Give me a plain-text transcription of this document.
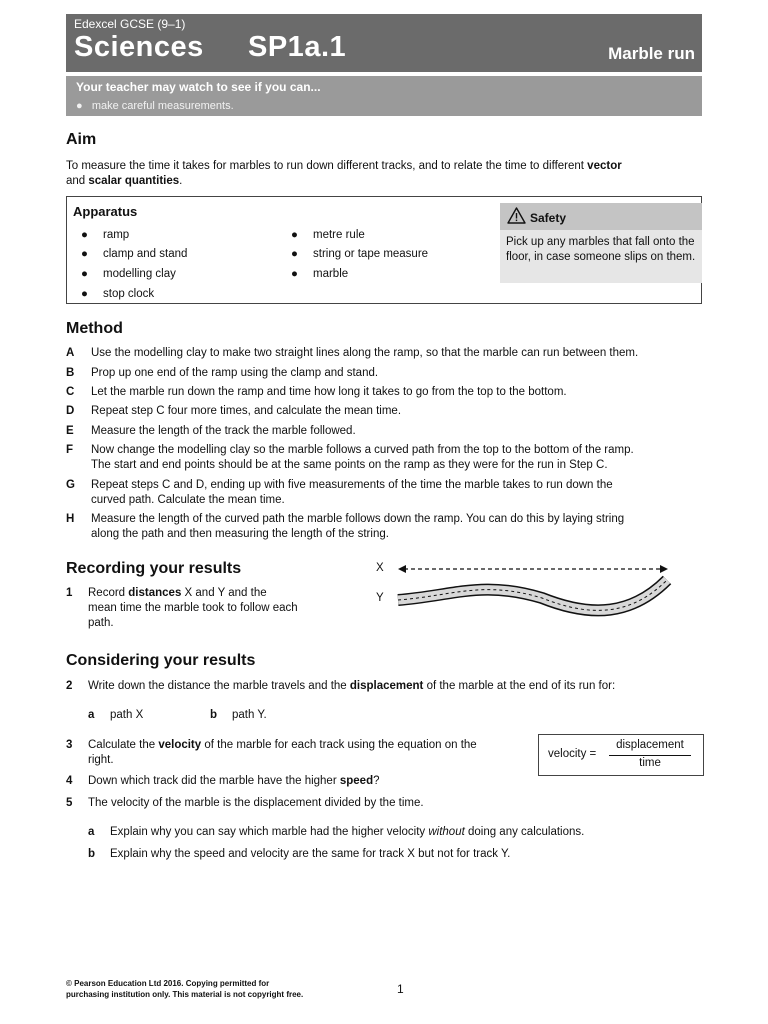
Edexcel GCSE (9–1)
Sciences SP1a.1	Marble run
Your teacher may watch to see if you can...
●   make careful measurements.
Aim
To measure the time it takes for marbles to run down different tracks, and to relate the time to different vector
and scalar quantities.
Apparatus
● ramp
● clamp and stand
● modelling clay
● stop clock
● metre rule
● string or tape measure
● marble
Safety
Pick up any marbles that fall onto the floor, in case someone slips on them.
Method
A Use the modelling clay to make two straight lines along the ramp, so that the marble can run between them.
B Prop up one end of the ramp using the clamp and stand.
C Let the marble run down the ramp and time how long it takes to go from the top to the bottom.
D Repeat step C four more times, and calculate the mean time.
E Measure the length of the track the marble followed.
F Now change the modelling clay so the marble follows a curved path from the top to the bottom of the ramp.
The start and end points should be at the same points on the ramp as they were for the run in Step C.
G Repeat steps C and D, ending up with five measurements of the time the marble takes to run down the
curved path. Calculate the mean time.
H Measure the length of the curved path the marble follows down the ramp. You can do this by laying string
along the path and then measuring the length of the string.
Recording your results
1 Record distances X and Y and the
mean time the marble took to follow each
path.
X
Y
Considering your results
2 Write down the distance the marble travels and the displacement of the marble at the end of its run for:
a path X	b path Y.
3 Calculate the velocity of the marble for each track using the equation on the
right.
4 Down which track did the marble have the higher speed?
5 The velocity of the marble is the displacement divided by the time.
a Explain why you can say which marble had the higher velocity without doing any calculations.
b Explain why the speed and velocity are the same for track X but not for track Y.
velocity =
displacement
time
© Pearson Education Ltd 2016. Copying permitted for
purchasing institution only. This material is not copyright free.	1
